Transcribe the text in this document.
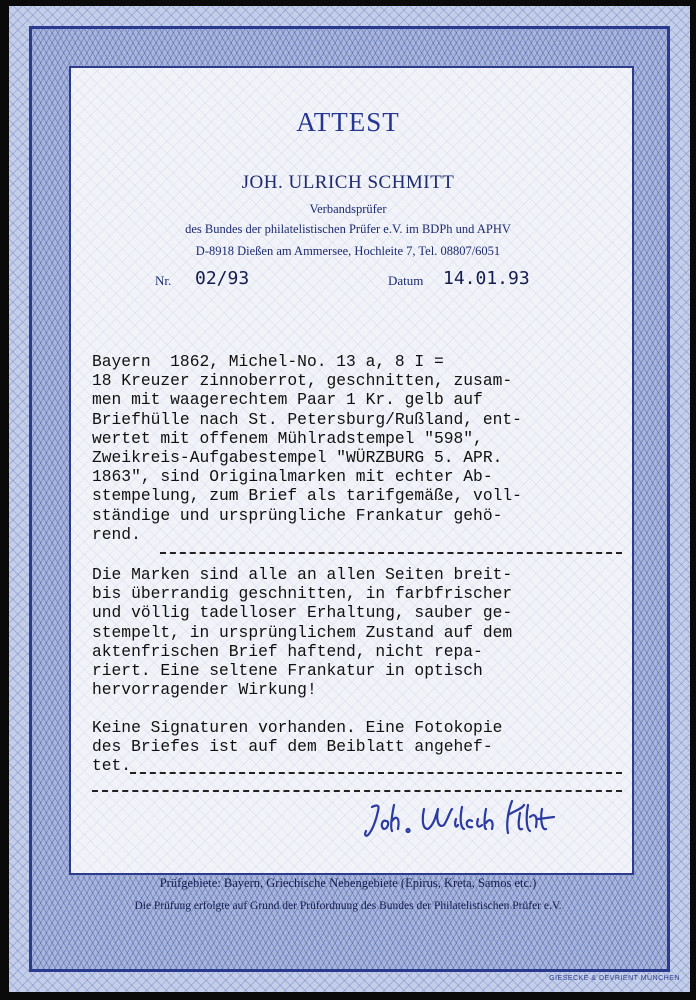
ATTEST
JOH. ULRICH SCHMITT
Verbandsprüfer
des Bundes der philatelistischen Prüfer e.V. im BDPh und APHV
D-8918 Dießen am Ammersee, Hochleite 7, Tel. 08807/6051
Nr. 02/93	Datum 14.01.93
Bayern  1862, Michel-No. 13 a, 8 I =
18 Kreuzer zinnoberrot, geschnitten, zusam-
men mit waagerechtem Paar 1 Kr. gelb auf
Briefhülle nach St. Petersburg/Rußland, ent-
wertet mit offenem Mühlradstempel "598",
Zweikreis-Aufgabestempel "WÜRZBURG 5. APR.
1863", sind Originalmarken mit echter Ab-
stempelung, zum Brief als tarifgemäße, voll-
ständige und ursprüngliche Frankatur gehö-
rend.
Die Marken sind alle an allen Seiten breit-
bis überrandig geschnitten, in farbfrischer
und völlig tadelloser Erhaltung, sauber ge-
stempelt, in ursprünglichem Zustand auf dem
aktenfrischen Brief haftend, nicht repa-
riert. Eine seltene Frankatur in optisch
hervorragender Wirkung!
Keine Signaturen vorhanden. Eine Fotokopie
des Briefes ist auf dem Beiblatt angehef-
tet.
Prüfgebiete: Bayern, Griechische Nebengebiete (Epirus, Kreta, Samos etc.)
Die Prüfung erfolgte auf Grund der Prüfordnung des Bundes der Philatelistischen Prüfer e.V.
GIESECKE & DEVRIENT MÜNCHEN
